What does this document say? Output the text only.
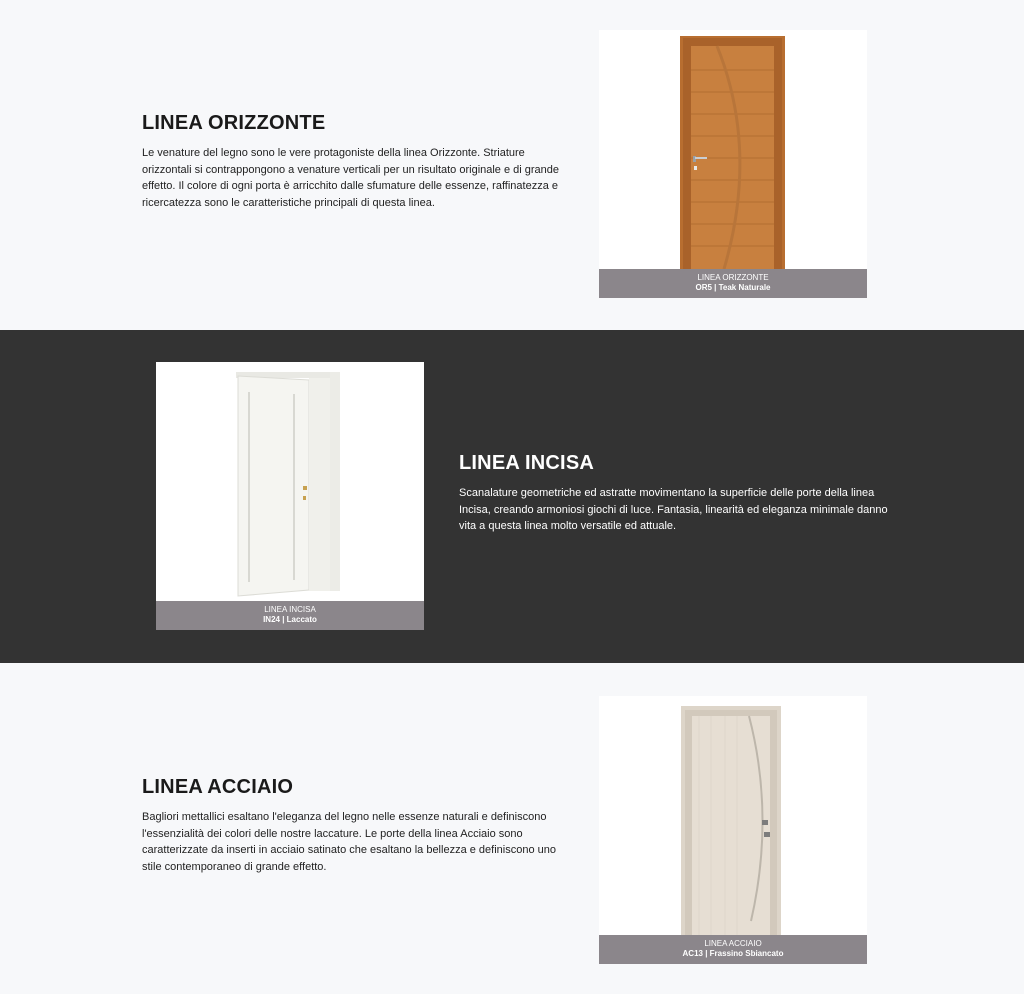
LINEA ORIZZONTE

Le venature del legno sono le vere protagoniste della linea Orizzonte. Striature orizzontali si contrappongono a venature verticali per un risultato originale e di grande effetto. Il colore di ogni porta è arricchito dalle sfumature delle essenze, raffinatezza e ricercatezza sono le caratteristiche principali di questa linea.

LINEA ORIZZONTE
OR5 | Teak Naturale
LINEA INCISA
IN24 | Laccato
LINEA INCISA

Scanalature geometriche ed astratte movimentano la superficie delle porte della linea Incisa, creando armoniosi giochi di luce. Fantasia, linearità ed eleganza minimale danno vita a questa linea molto versatile ed attuale.

LINEA ACCIAIO

Bagliori mettallici esaltano l'eleganza del legno nelle essenze naturali e definiscono l'essenzialità dei colori delle nostre laccature. Le porte della linea Acciaio sono caratterizzate da inserti in acciaio satinato che esaltano la bellezza e definiscono uno stile contemporaneo di grande effetto.

LINEA ACCIAIO
AC13 | Frassino Sbiancato
